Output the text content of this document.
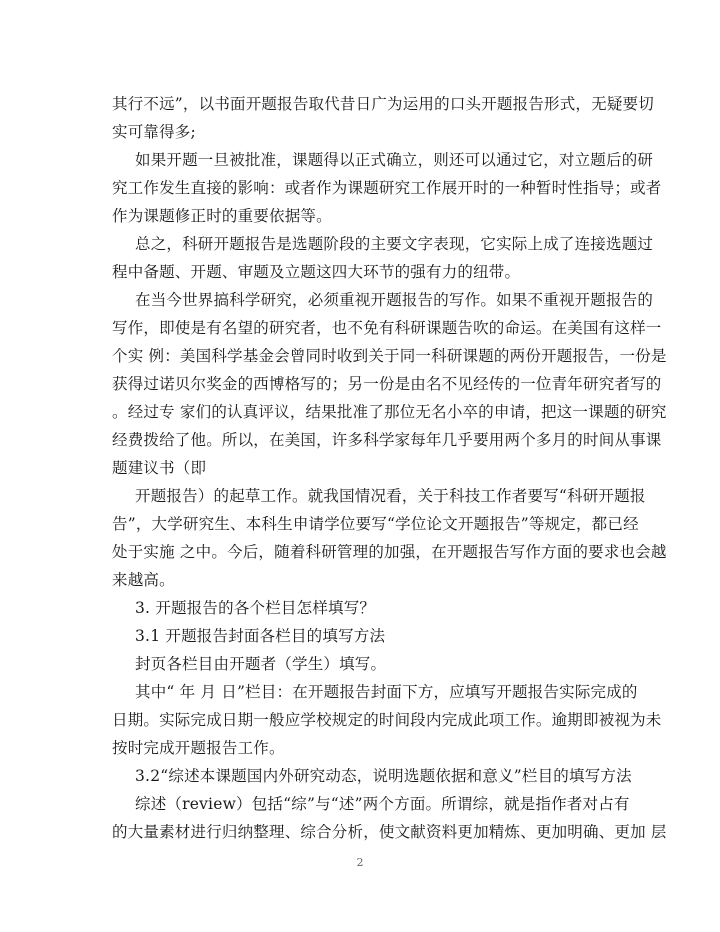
其行不远”，以书面开题报告取代昔日广为运用的口头开题报告形式，无疑要切
实可靠得多;
如果开题一旦被批准，课题得以正式确立，则还可以通过它，对立题后的研
究工作发生直接的影响：或者作为课题研究工作展开时的一种暂时性指导；或者
作为课题修正时的重要依据等。
总之，科研开题报告是选题阶段的主要文字表现，它实际上成了连接选题过
程中备题、开题、审题及立题这四大环节的强有力的纽带。
在当今世界搞科学研究，必须重视开题报告的写作。如果不重视开题报告的
写作，即使是有名望的研究者，也不免有科研课题告吹的命运。在美国有这样一
个实 例：美国科学基金会曾同时收到关于同一科研课题的两份开题报告，一份是
获得过诺贝尔奖金的西博格写的；另一份是由名不见经传的一位青年研究者写的
。经过专 家们的认真评议，结果批准了那位无名小卒的申请，把这一课题的研究
经费拨给了他。所以，在美国，许多科学家每年几乎要用两个多月的时间从事课
题建议书（即
开题报告）的起草工作。就我国情况看，关于科技工作者要写“科研开题报
告”，大学研究生、本科生申请学位要写“学位论文开题报告”等规定，都已经
处于实施 之中。今后，随着科研管理的加强，在开题报告写作方面的要求也会越
来越高。
3. 开题报告的各个栏目怎样填写？
3.1 开题报告封面各栏目的填写方法
封页各栏目由开题者（学生）填写。
其中“ 年 月 日”栏目：在开题报告封面下方，应填写开题报告实际完成的
日期。实际完成日期一般应学校规定的时间段内完成此项工作。逾期即被视为未
按时完成开题报告工作。
3.2“综述本课题国内外研究动态，说明选题依据和意义”栏目的填写方法
综述（review）包括“综”与“述”两个方面。所谓综，就是指作者对占有
的大量素材进行归纳整理、综合分析，使文献资料更加精炼、更加明确、更加 层
2
